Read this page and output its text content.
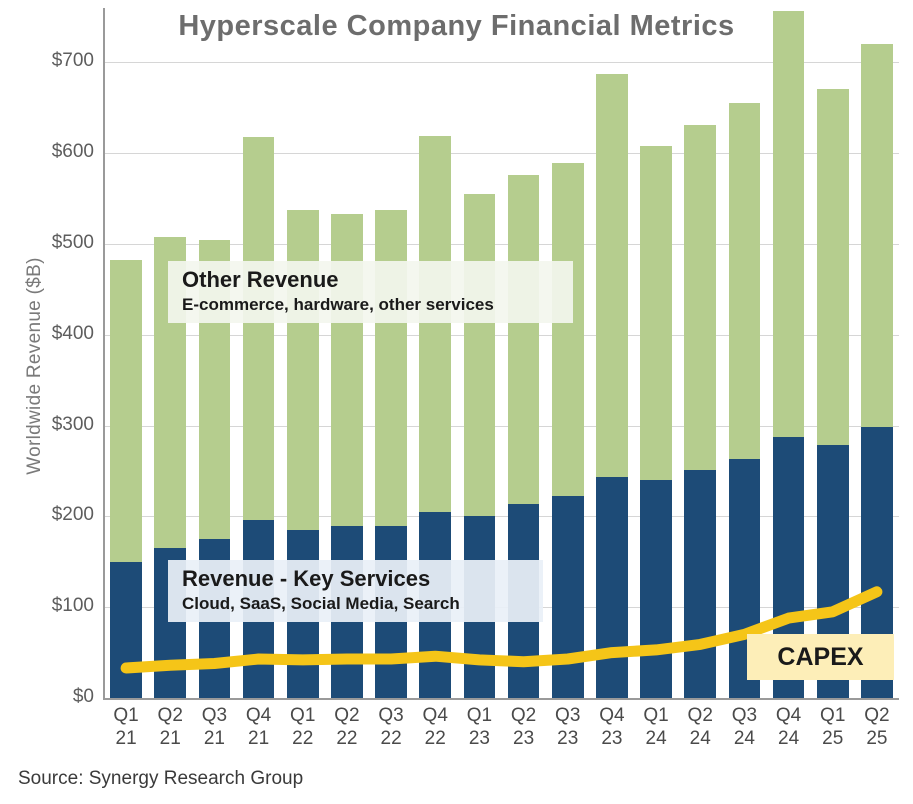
Hyperscale Company Financial Metrics
Worldwide Revenue ($B)
$0
$100
$200
$300
$400
$500
$600
$700
Other Revenue
E-commerce, hardware, other services
Revenue - Key Services
Cloud, SaaS, Social Media, Search
CAPEX
Source: Synergy Research Group
Q1
21
Q2
21
Q3
21
Q4
21
Q1
22
Q2
22
Q3
22
Q4
22
Q1
23
Q2
23
Q3
23
Q4
23
Q1
24
Q2
24
Q3
24
Q4
24
Q1
25
Q2
25
